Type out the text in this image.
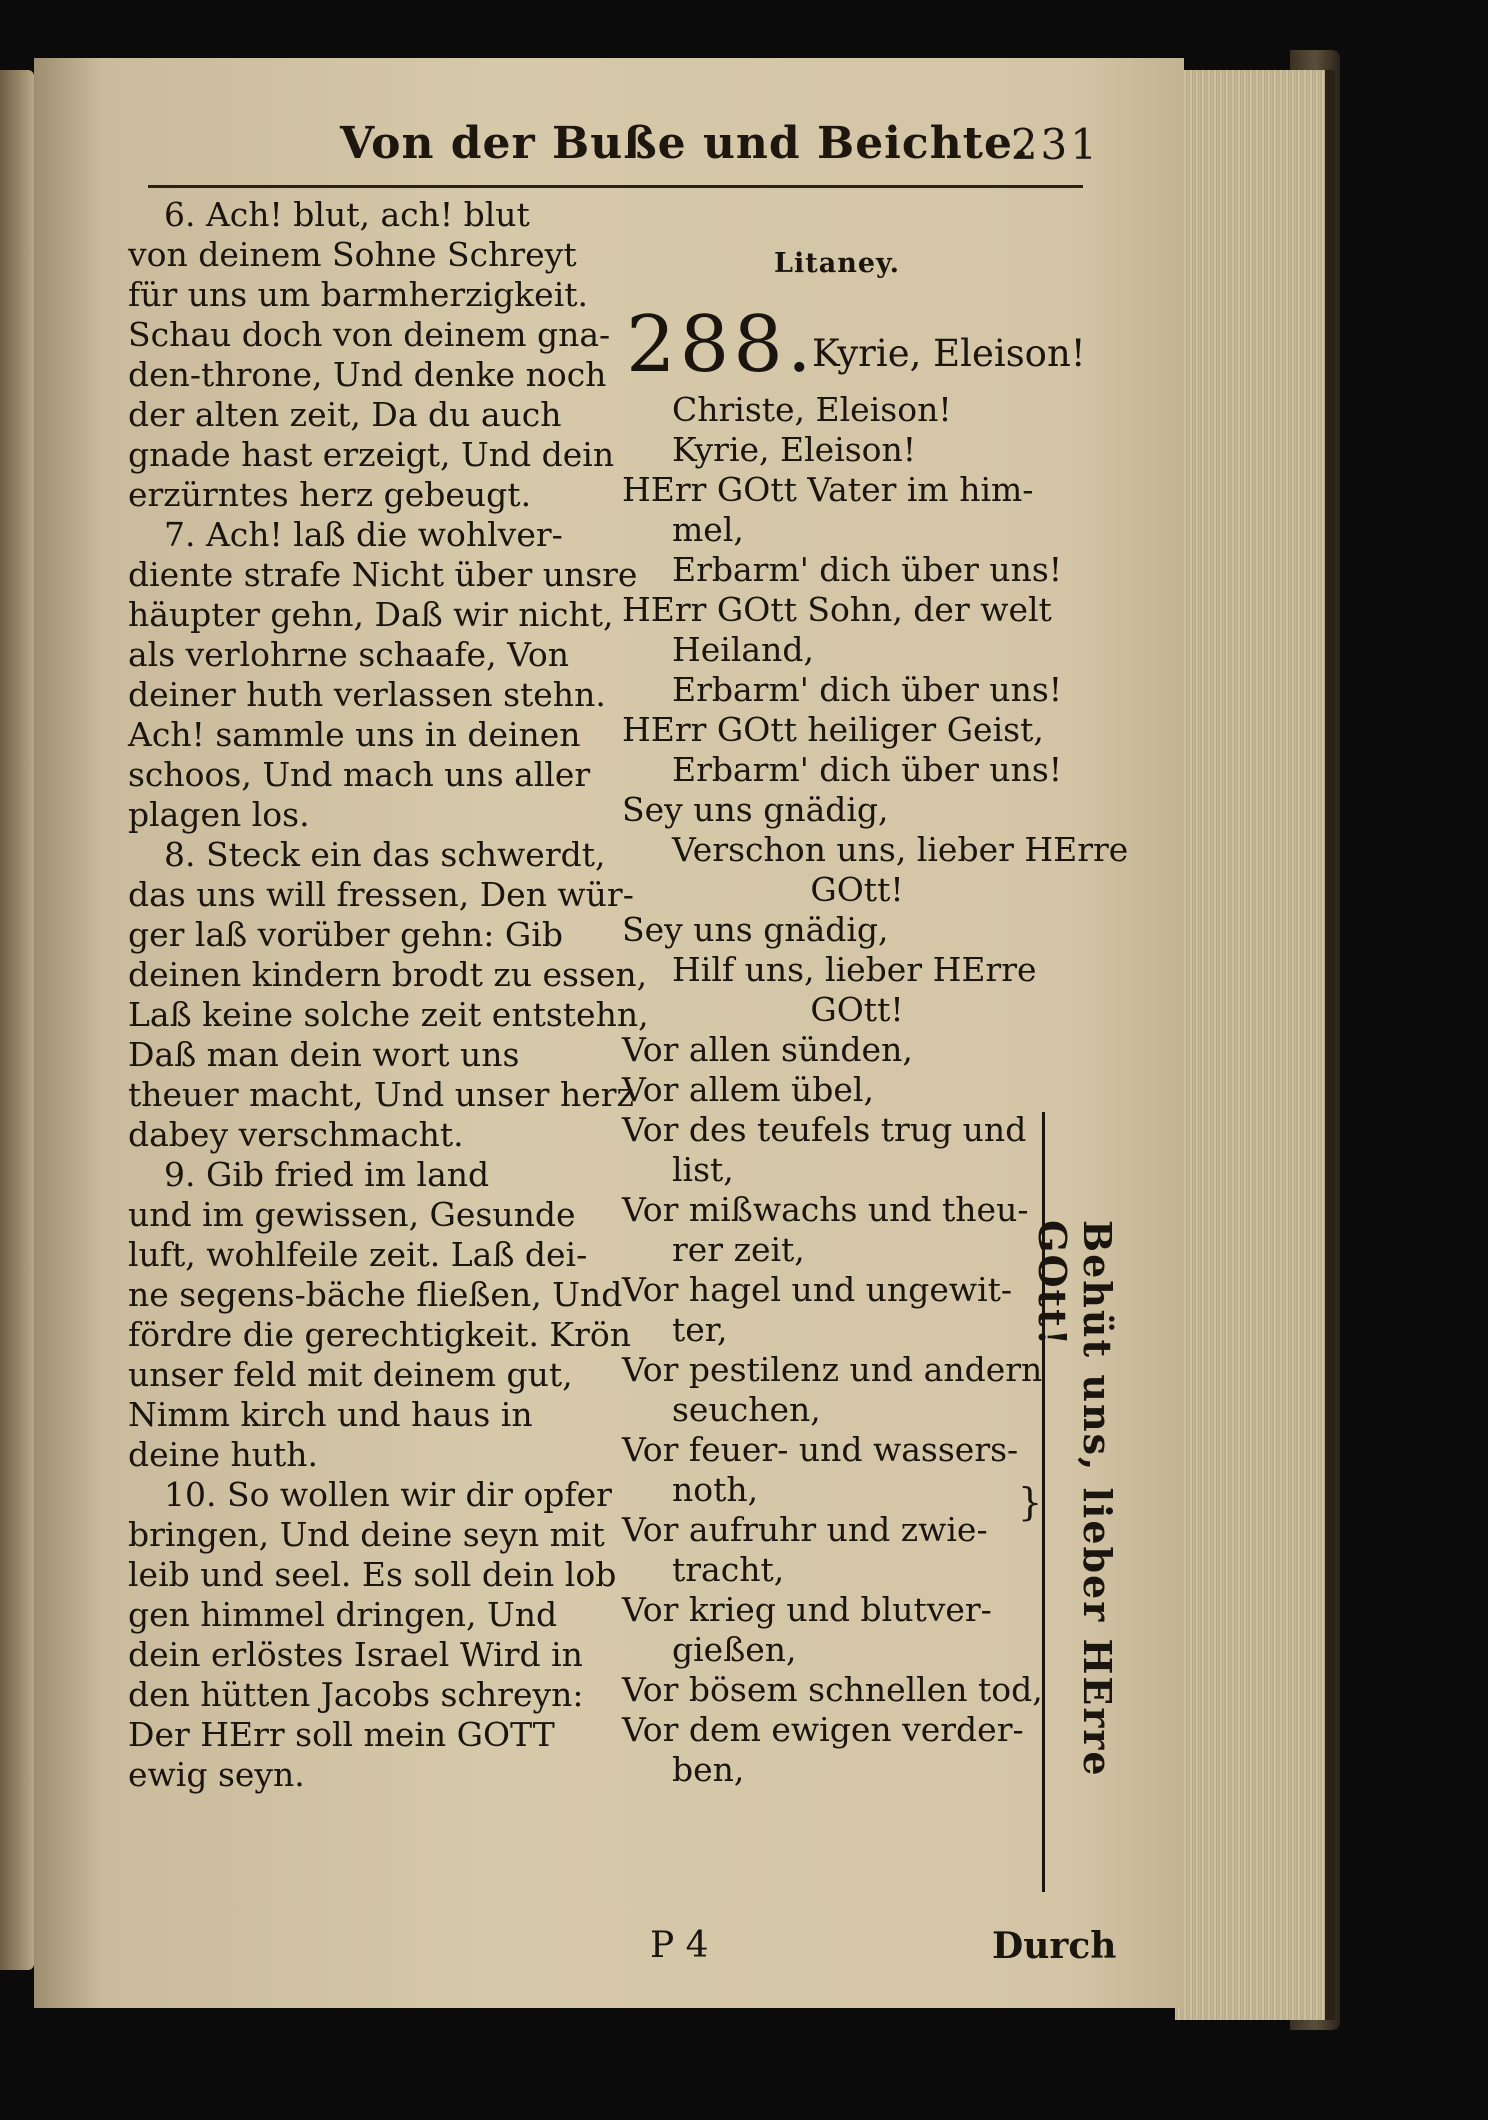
Von der Buße und Beichte.
231
6. Ach! blut, ach! blut
von deinem Sohne Schreyt
für uns um barmherzigkeit.
Schau doch von deinem gna-
den-throne, Und denke noch
der alten zeit, Da du auch
gnade hast erzeigt, Und dein
erzürntes herz gebeugt.
7. Ach! laß die wohlver-
diente strafe Nicht über unsre
häupter gehn, Daß wir nicht,
als verlohrne schaafe, Von
deiner huth verlassen stehn.
Ach! sammle uns in deinen
schoos, Und mach uns aller
plagen los.
8. Steck ein das schwerdt,
das uns will fressen, Den wür-
ger laß vorüber gehn: Gib
deinen kindern brodt zu essen,
Laß keine solche zeit entstehn,
Daß man dein wort uns
theuer macht, Und unser herz
dabey verschmacht.
9. Gib fried im land
und im gewissen, Gesunde
luft, wohlfeile zeit. Laß dei-
ne segens-bäche fließen, Und
fördre die gerechtigkeit. Krön
unser feld mit deinem gut,
Nimm kirch und haus in
deine huth.
10. So wollen wir dir opfer
bringen, Und deine seyn mit
leib und seel. Es soll dein lob
gen himmel dringen, Und
dein erlöstes Israel Wird in
den hütten Jacobs schreyn:
Der HErr soll mein GOTT
ewig seyn.
Litaney.
288.
Kyrie, Eleison!
Christe, Eleison!
Kyrie, Eleison!
HErr GOtt Vater im him-
mel,
Erbarm' dich über uns!
HErr GOtt Sohn, der welt
Heiland,
Erbarm' dich über uns!
HErr GOtt heiliger Geist,
Erbarm' dich über uns!
Sey uns gnädig,
Verschon uns, lieber HErre
GOtt!
Sey uns gnädig,
Hilf uns, lieber HErre
GOtt!
Vor allen sünden,
Vor allem übel,
Vor des teufels trug und
list,
Vor mißwachs und theu-
rer zeit,
Vor hagel und ungewit-
ter,
Vor pestilenz und andern
seuchen,
Vor feuer- und wassers-
noth,
Vor aufruhr und zwie-
tracht,
Vor krieg und blutver-
gießen,
Vor bösem schnellen tod,
Vor dem ewigen verder-
ben,
} Behüt uns, lieber HErre GOtt!
P 4	Durch
